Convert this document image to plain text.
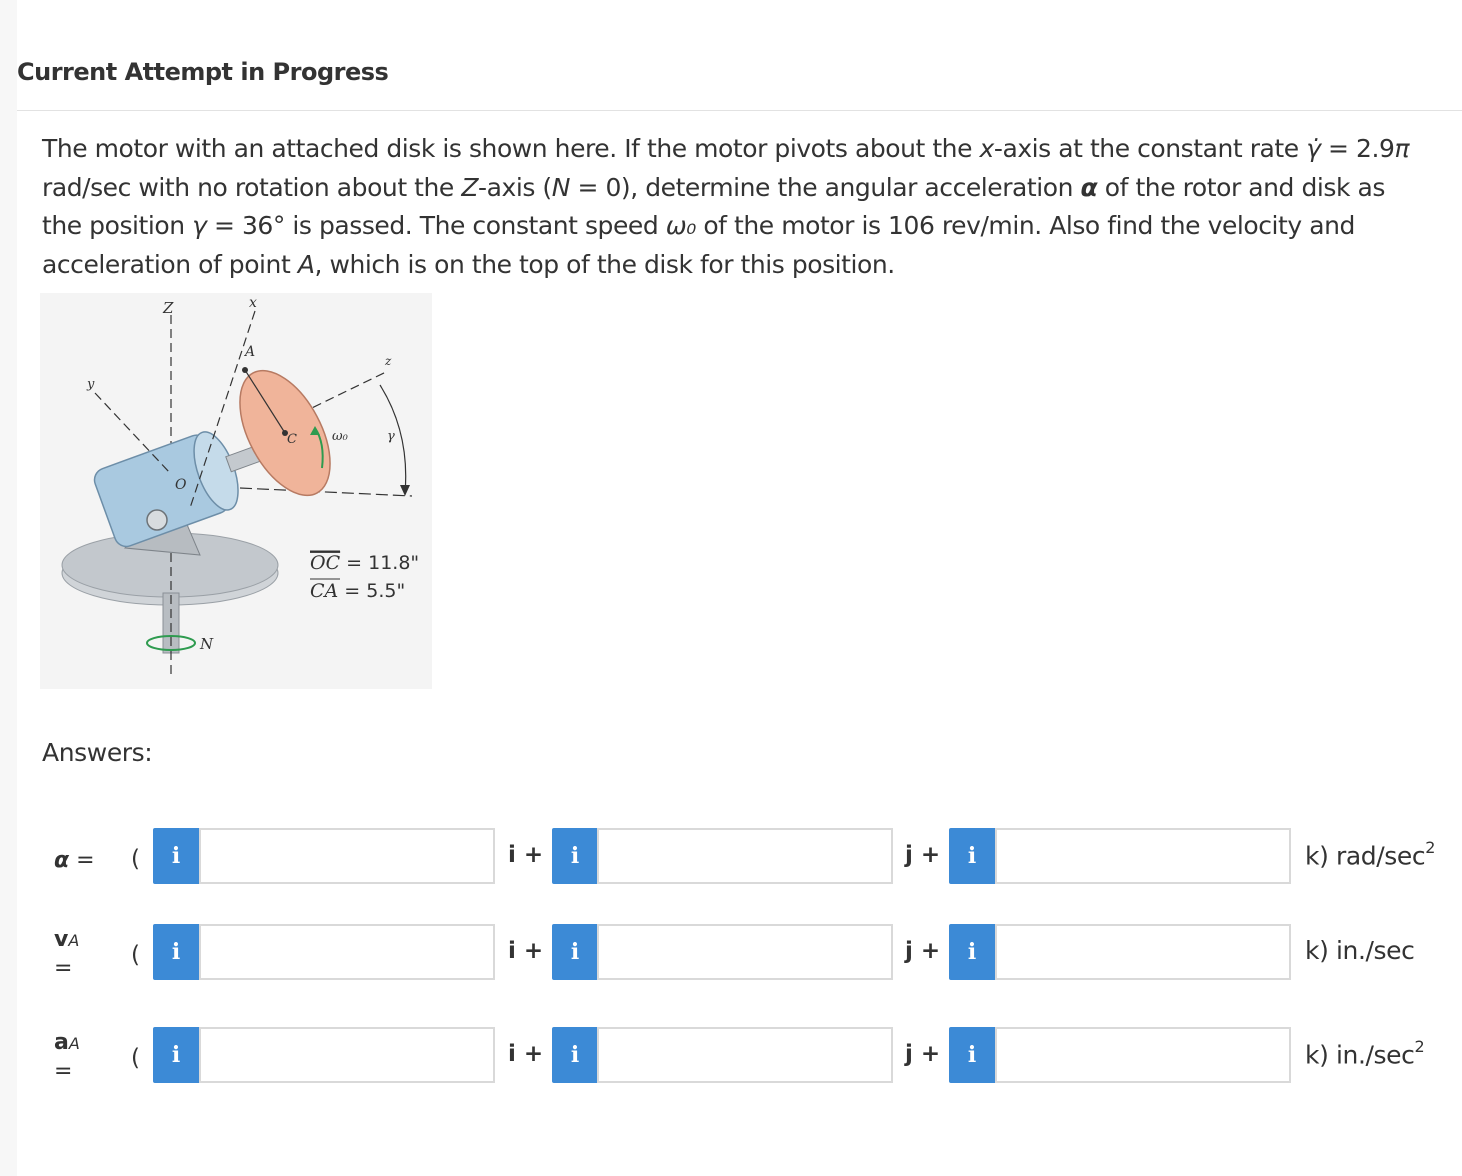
Current Attempt in Progress
The motor with an attached disk is shown here. If the motor pivots about the x-axis at the constant rate γ̇ = 2.9π rad/sec with no rotation about the Z-axis (N = 0), determine the angular acceleration α of the rotor and disk as the position γ = 36° is passed. The constant speed ω₀ of the motor is 106 rev/min. Also find the velocity and acceleration of point A, which is on the top of the disk for this position.
Z	x
A
z
y
C
O
ω₀	γ
N
OC = 11.8"
CA = 5.5"
Answers:
α = (	i	i +	i	j +	i	k) rad/$\sec^2$
vA
=
(	i	i +	i	j +	i	k) in./sec
aA
=
(	i	i +	i	j +	i	k) $in./\sec^2$
